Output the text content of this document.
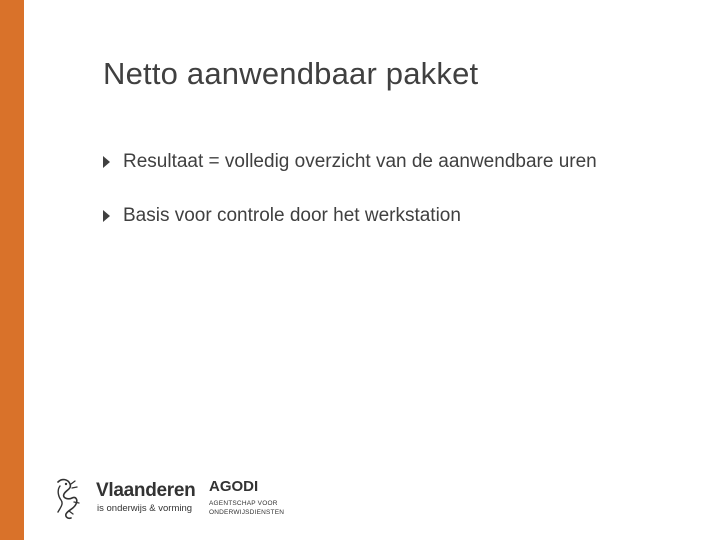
Netto aanwendbaar pakket
Resultaat = volledig overzicht van de aanwendbare uren
Basis voor controle door het werkstation
Vlaanderen
is onderwijs & vorming
AGODI
AGENTSCHAP VOOR
ONDERWIJSDIENSTEN
